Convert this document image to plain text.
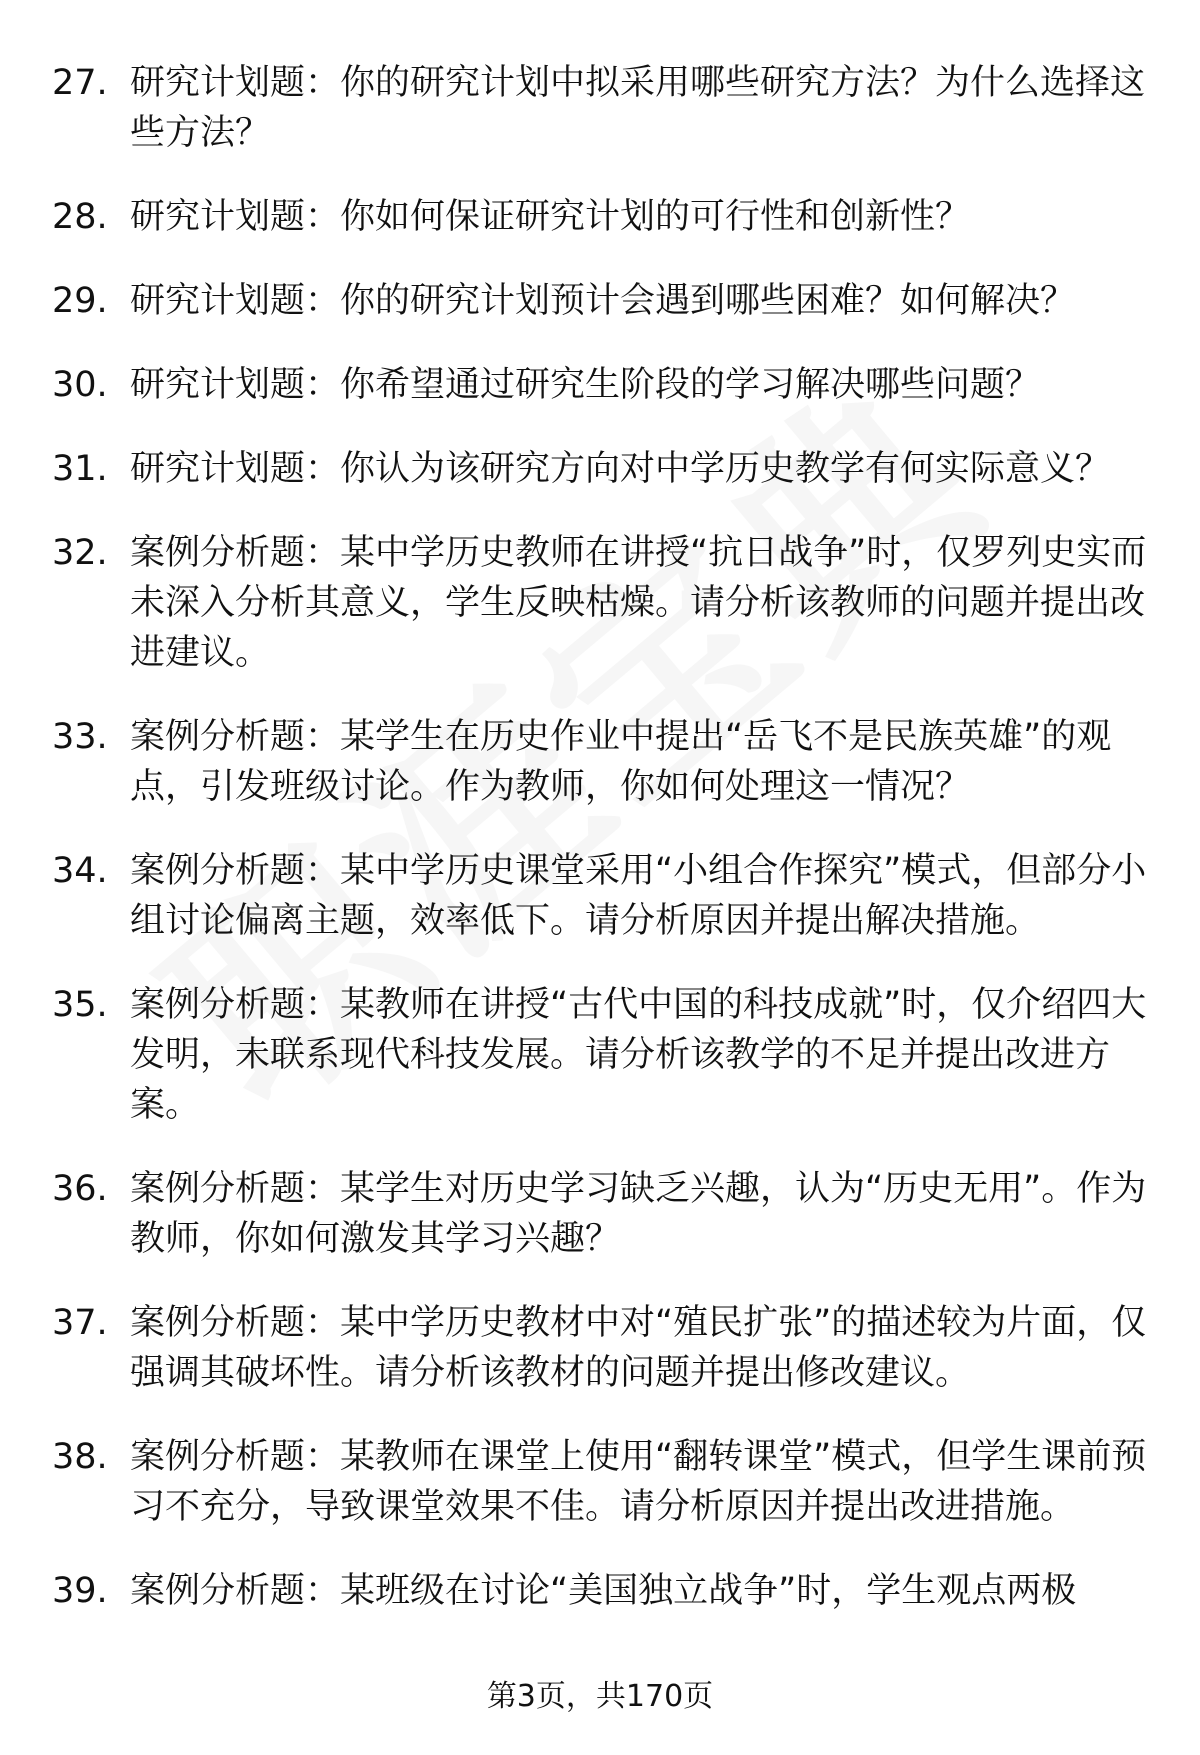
27. 研究计划题：你的研究计划中拟采用哪些研究方法？为什么选择这些方法？
28. 研究计划题：你如何保证研究计划的可行性和创新性？
29. 研究计划题：你的研究计划预计会遇到哪些困难？如何解决？
30. 研究计划题：你希望通过研究生阶段的学习解决哪些问题？
31. 研究计划题：你认为该研究方向对中学历史教学有何实际意义？
32. 案例分析题：某中学历史教师在讲授“抗日战争”时，仅罗列史实而未深入分析其意义，学生反映枯燥。请分析该教师的问题并提出改进建议。
33. 案例分析题：某学生在历史作业中提出“岳飞不是民族英雄”的观点，引发班级讨论。作为教师，你如何处理这一情况？
34. 案例分析题：某中学历史课堂采用“小组合作探究”模式，但部分小组讨论偏离主题，效率低下。请分析原因并提出解决措施。
35. 案例分析题：某教师在讲授“古代中国的科技成就”时，仅介绍四大发明，未联系现代科技发展。请分析该教学的不足并提出改进方案。
36. 案例分析题：某学生对历史学习缺乏兴趣，认为“历史无用”。作为教师，你如何激发其学习兴趣？
37. 案例分析题：某中学历史教材中对“殖民扩张”的描述较为片面，仅强调其破坏性。请分析该教材的问题并提出修改建议。
38. 案例分析题：某教师在课堂上使用“翻转课堂”模式，但学生课前预习不充分，导致课堂效果不佳。请分析原因并提出改进措施。
39. 案例分析题：某班级在讨论“美国独立战争”时，学生观点两极
第3页，共170页
